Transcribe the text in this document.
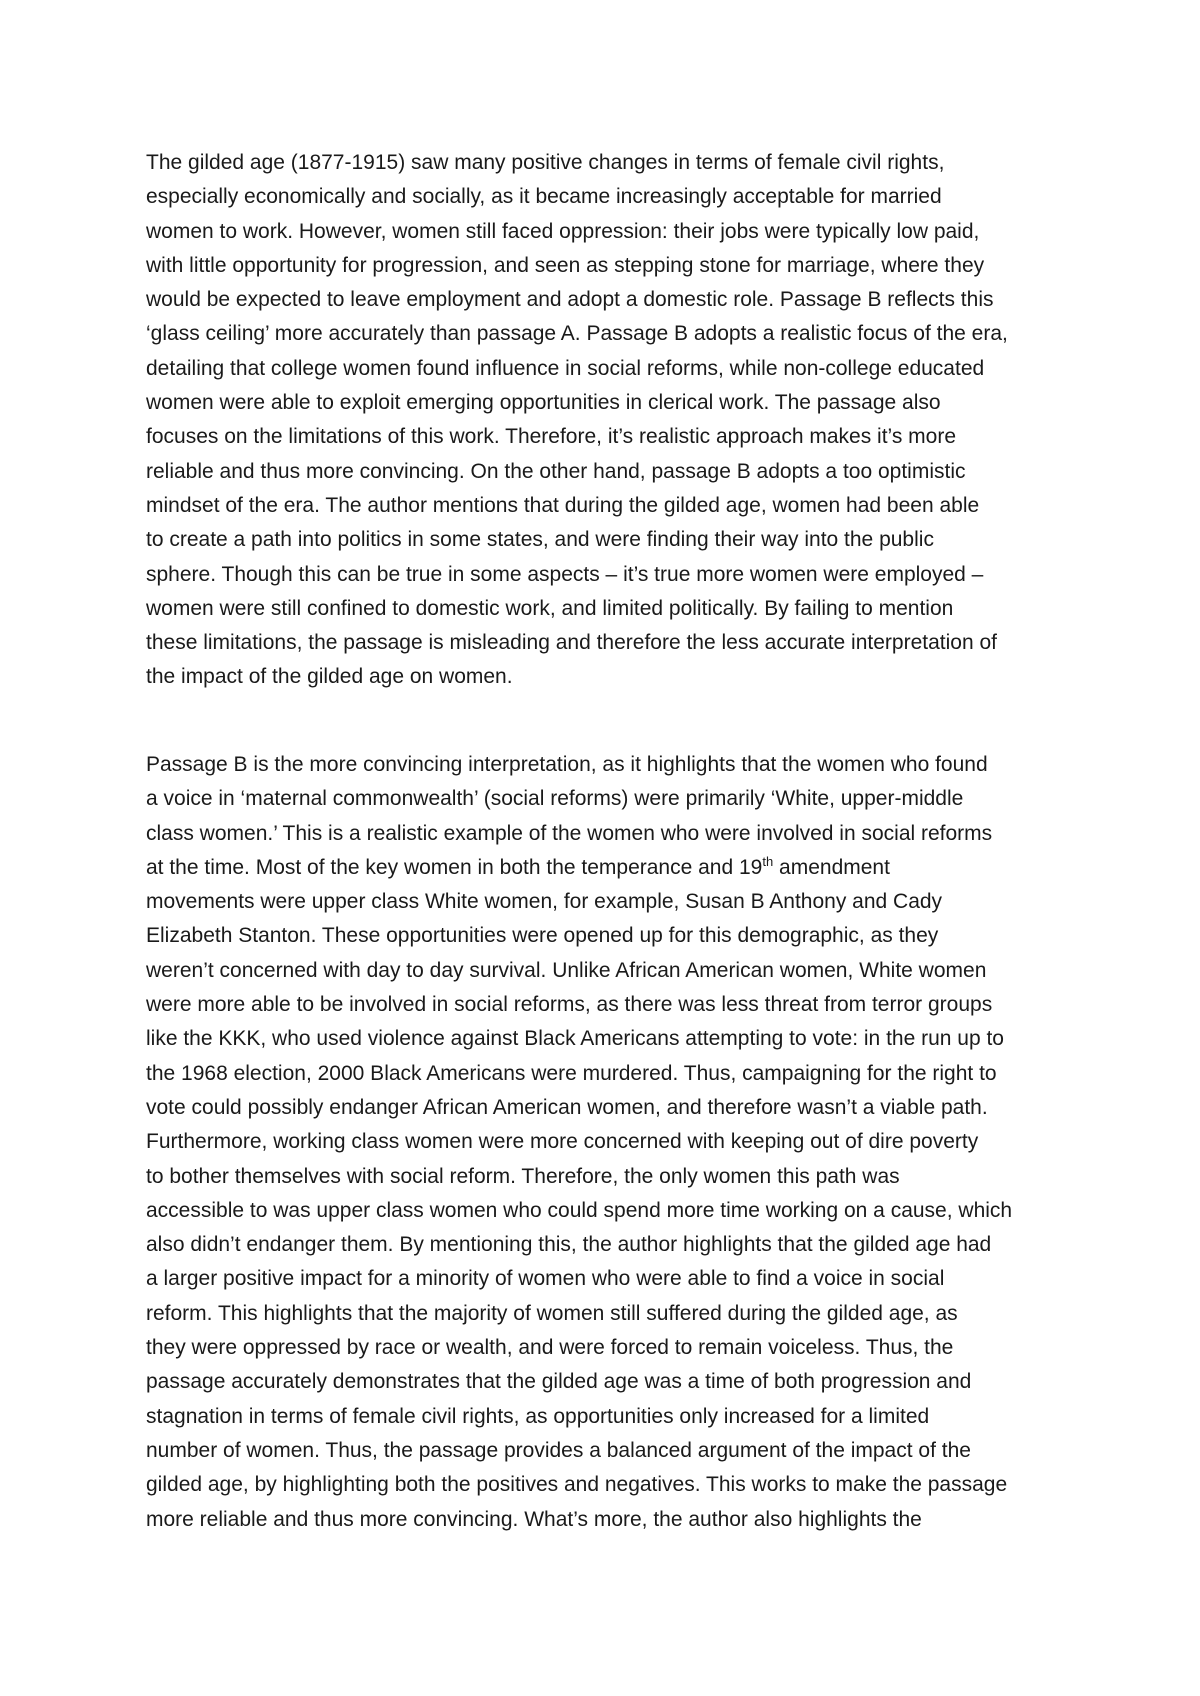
The gilded age (1877-1915) saw many positive changes in terms of female civil rights,
especially economically and socially, as it became increasingly acceptable for married
women to work. However, women still faced oppression: their jobs were typically low paid,
with little opportunity for progression, and seen as stepping stone for marriage, where they
would be expected to leave employment and adopt a domestic role. Passage B reflects this
‘glass ceiling’ more accurately than passage A. Passage B adopts a realistic focus of the era,
detailing that college women found influence in social reforms, while non-college educated
women were able to exploit emerging opportunities in clerical work. The passage also
focuses on the limitations of this work. Therefore, it’s realistic approach makes it’s more
reliable and thus more convincing. On the other hand, passage B adopts a too optimistic
mindset of the era. The author mentions that during the gilded age, women had been able
to create a path into politics in some states, and were finding their way into the public
sphere. Though this can be true in some aspects – it’s true more women were employed –
women were still confined to domestic work, and limited politically. By failing to mention
these limitations, the passage is misleading and therefore the less accurate interpretation of
the impact of the gilded age on women.
Passage B is the more convincing interpretation, as it highlights that the women who found
a voice in ‘maternal commonwealth’ (social reforms) were primarily ‘White, upper-middle
class women.’ This is a realistic example of the women who were involved in social reforms
at the time. Most of the key women in both the temperance and 19th amendment
movements were upper class White women, for example, Susan B Anthony and Cady
Elizabeth Stanton. These opportunities were opened up for this demographic, as they
weren’t concerned with day to day survival. Unlike African American women, White women
were more able to be involved in social reforms, as there was less threat from terror groups
like the KKK, who used violence against Black Americans attempting to vote: in the run up to
the 1968 election, 2000 Black Americans were murdered. Thus, campaigning for the right to
vote could possibly endanger African American women, and therefore wasn’t a viable path.
Furthermore, working class women were more concerned with keeping out of dire poverty
to bother themselves with social reform. Therefore, the only women this path was
accessible to was upper class women who could spend more time working on a cause, which
also didn’t endanger them. By mentioning this, the author highlights that the gilded age had
a larger positive impact for a minority of women who were able to find a voice in social
reform. This highlights that the majority of women still suffered during the gilded age, as
they were oppressed by race or wealth, and were forced to remain voiceless. Thus, the
passage accurately demonstrates that the gilded age was a time of both progression and
stagnation in terms of female civil rights, as opportunities only increased for a limited
number of women. Thus, the passage provides a balanced argument of the impact of the
gilded age, by highlighting both the positives and negatives. This works to make the passage
more reliable and thus more convincing. What’s more, the author also highlights the
